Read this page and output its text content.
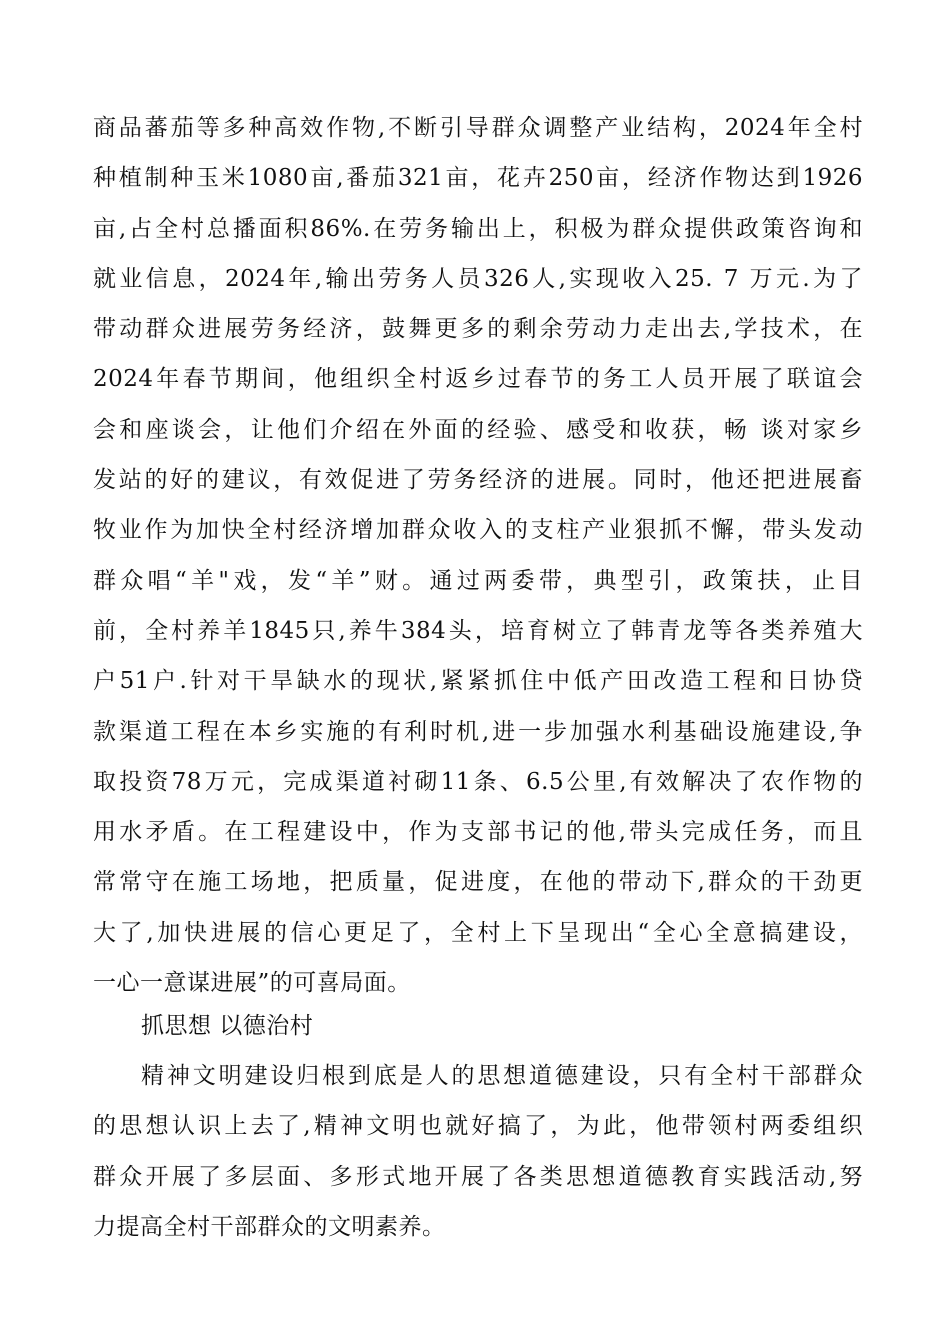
商品蕃茄等多种高效作物,不断引导群众调整产业结构，2024年全村
种植制种玉米1080亩,番茄321亩，花卉250亩，经济作物达到1926
亩,占全村总播面积86%.在劳务输出上，积极为群众提供政策咨询和
就业信息，2024年,输出劳务人员326人,实现收入25. 7 万元.为了
带动群众进展劳务经济，鼓舞更多的剩余劳动力走出去,学技术，在
2024年春节期间，他组织全村返乡过春节的务工人员开展了联谊会
会和座谈会，让他们介绍在外面的经验、感受和收获，畅 谈对家乡
发站的好的建议，有效促进了劳务经济的进展。同时，他还把进展畜
牧业作为加快全村经济增加群众收入的支柱产业狠抓不懈，带头发动
群众唱“羊"戏，发“羊”财。通过两委带，典型引，政策扶，止目
前，全村养羊1845只,养牛384头，培育树立了韩青龙等各类养殖大
户51户.针对干旱缺水的现状,紧紧抓住中低产田改造工程和日协贷
款渠道工程在本乡实施的有利时机,进一步加强水利基础设施建设,争
取投资78万元，完成渠道衬砌11条、6.5公里,有效解决了农作物的
用水矛盾。在工程建设中，作为支部书记的他,带头完成任务，而且
常常守在施工场地，把质量，促进度，在他的带动下,群众的干劲更
大了,加快进展的信心更足了，全村上下呈现出“全心全意搞建设，
一心一意谋进展”的可喜局面。
抓思想 以德治村
精神文明建设归根到底是人的思想道德建设，只有全村干部群众
的思想认识上去了,精神文明也就好搞了，为此，他带领村两委组织
群众开展了多层面、多形式地开展了各类思想道德教育实践活动,努
力提高全村干部群众的文明素养。
